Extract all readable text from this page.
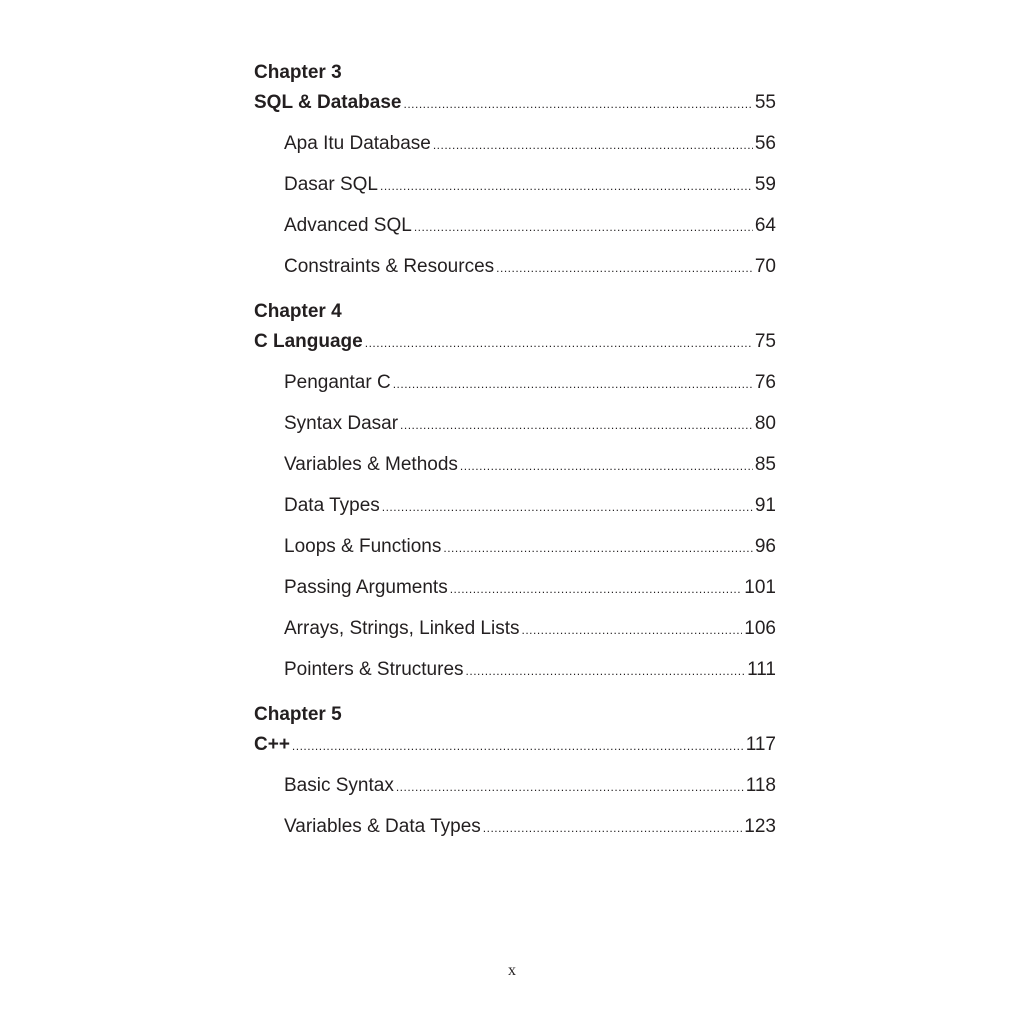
Chapter 3
SQL & Database .....	55
Apa Itu Database .....	56
Dasar SQL .....	59
Advanced SQL .....	64
Constraints & Resources .....	70
Chapter 4
C Language .....	75
Pengantar C .....	76
Syntax Dasar .....	80
Variables & Methods .....	85
Data Types .....	91
Loops & Functions .....	96
Passing Arguments .....	101
Arrays, Strings, Linked Lists .....	106
Pointers & Structures .....	111
Chapter 5
C++ .....	117
Basic Syntax .....	118
Variables & Data Types .....	123
x
